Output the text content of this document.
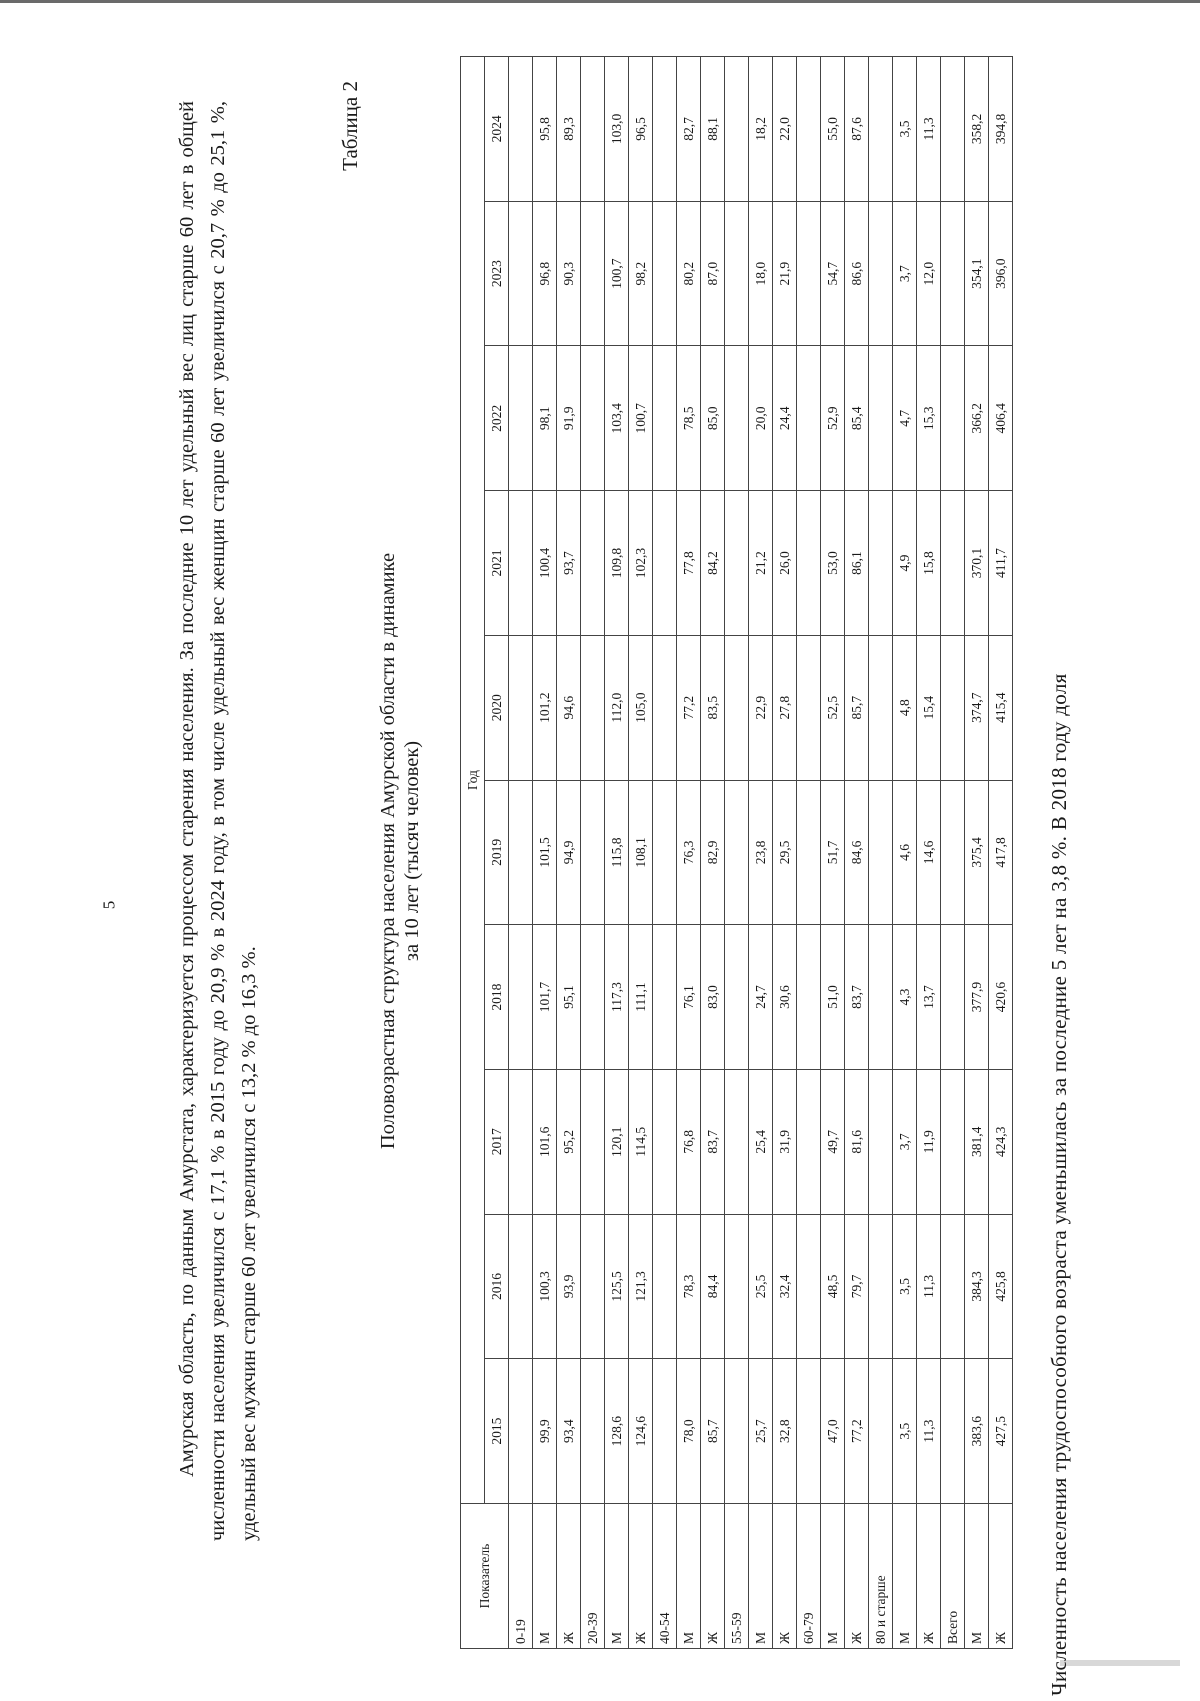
5	Амурская область, по данным Амурстата, характеризуется процессом старения населения. За последние 10 лет удельный вес лиц старше 60 лет в общей численности населения увеличился с 17,1 % в 2015 году до 20,9 % в 2024 году, в том числе удельный вес женщин старше 60 лет увеличился с 20,7 % до 25,1 %, удельный вес мужчин старше 60 лет увеличился с 13,2 % до 16,3 %.

Таблица 2
Половозрастная структура населения Амурской области в динамике за 10 лет (тысяч человек)
Показатель	Год									
	2015	2016	2017	2018	2019	2020	2021	2022	2023	2024
0-19										
М	99,9	100,3	101,6	101,7	101,5	101,2	100,4	98,1	96,8	95,8
Ж	93,4	93,9	95,2	95,1	94,9	94,6	93,7	91,9	90,3	89,3
20-39										
М	128,6	125,5	120,1	117,3	115,8	112,0	109,8	103,4	100,7	103,0
Ж	124,6	121,3	114,5	111,1	108,1	105,0	102,3	100,7	98,2	96,5
40-54										
М	78,0	78,3	76,8	76,1	76,3	77,2	77,8	78,5	80,2	82,7
Ж	85,7	84,4	83,7	83,0	82,9	83,5	84,2	85,0	87,0	88,1
55-59										
М	25,7	25,5	25,4	24,7	23,8	22,9	21,2	20,0	18,0	18,2
Ж	32,8	32,4	31,9	30,6	29,5	27,8	26,0	24,4	21,9	22,0
60-79										
М	47,0	48,5	49,7	51,0	51,7	52,5	53,0	52,9	54,7	55,0
Ж	77,2	79,7	81,6	83,7	84,6	85,7	86,1	85,4	86,6	87,6
80 и старше										
М	3,5	3,5	3,7	4,3	4,6	4,8	4,9	4,7	3,7	3,5
Ж	11,3	11,3	11,9	13,7	14,6	15,4	15,8	15,3	12,0	11,3
Всего										
М	383,6	384,3	381,4	377,9	375,4	374,7	370,1	366,2	354,1	358,2
Ж	427,5	425,8	424,3	420,6	417,8	415,4	411,7	406,4	396,0	394,8
Численность населения трудоспособного возраста уменьшилась за последние 5 лет на 3,8 %. В 2018 году доля
